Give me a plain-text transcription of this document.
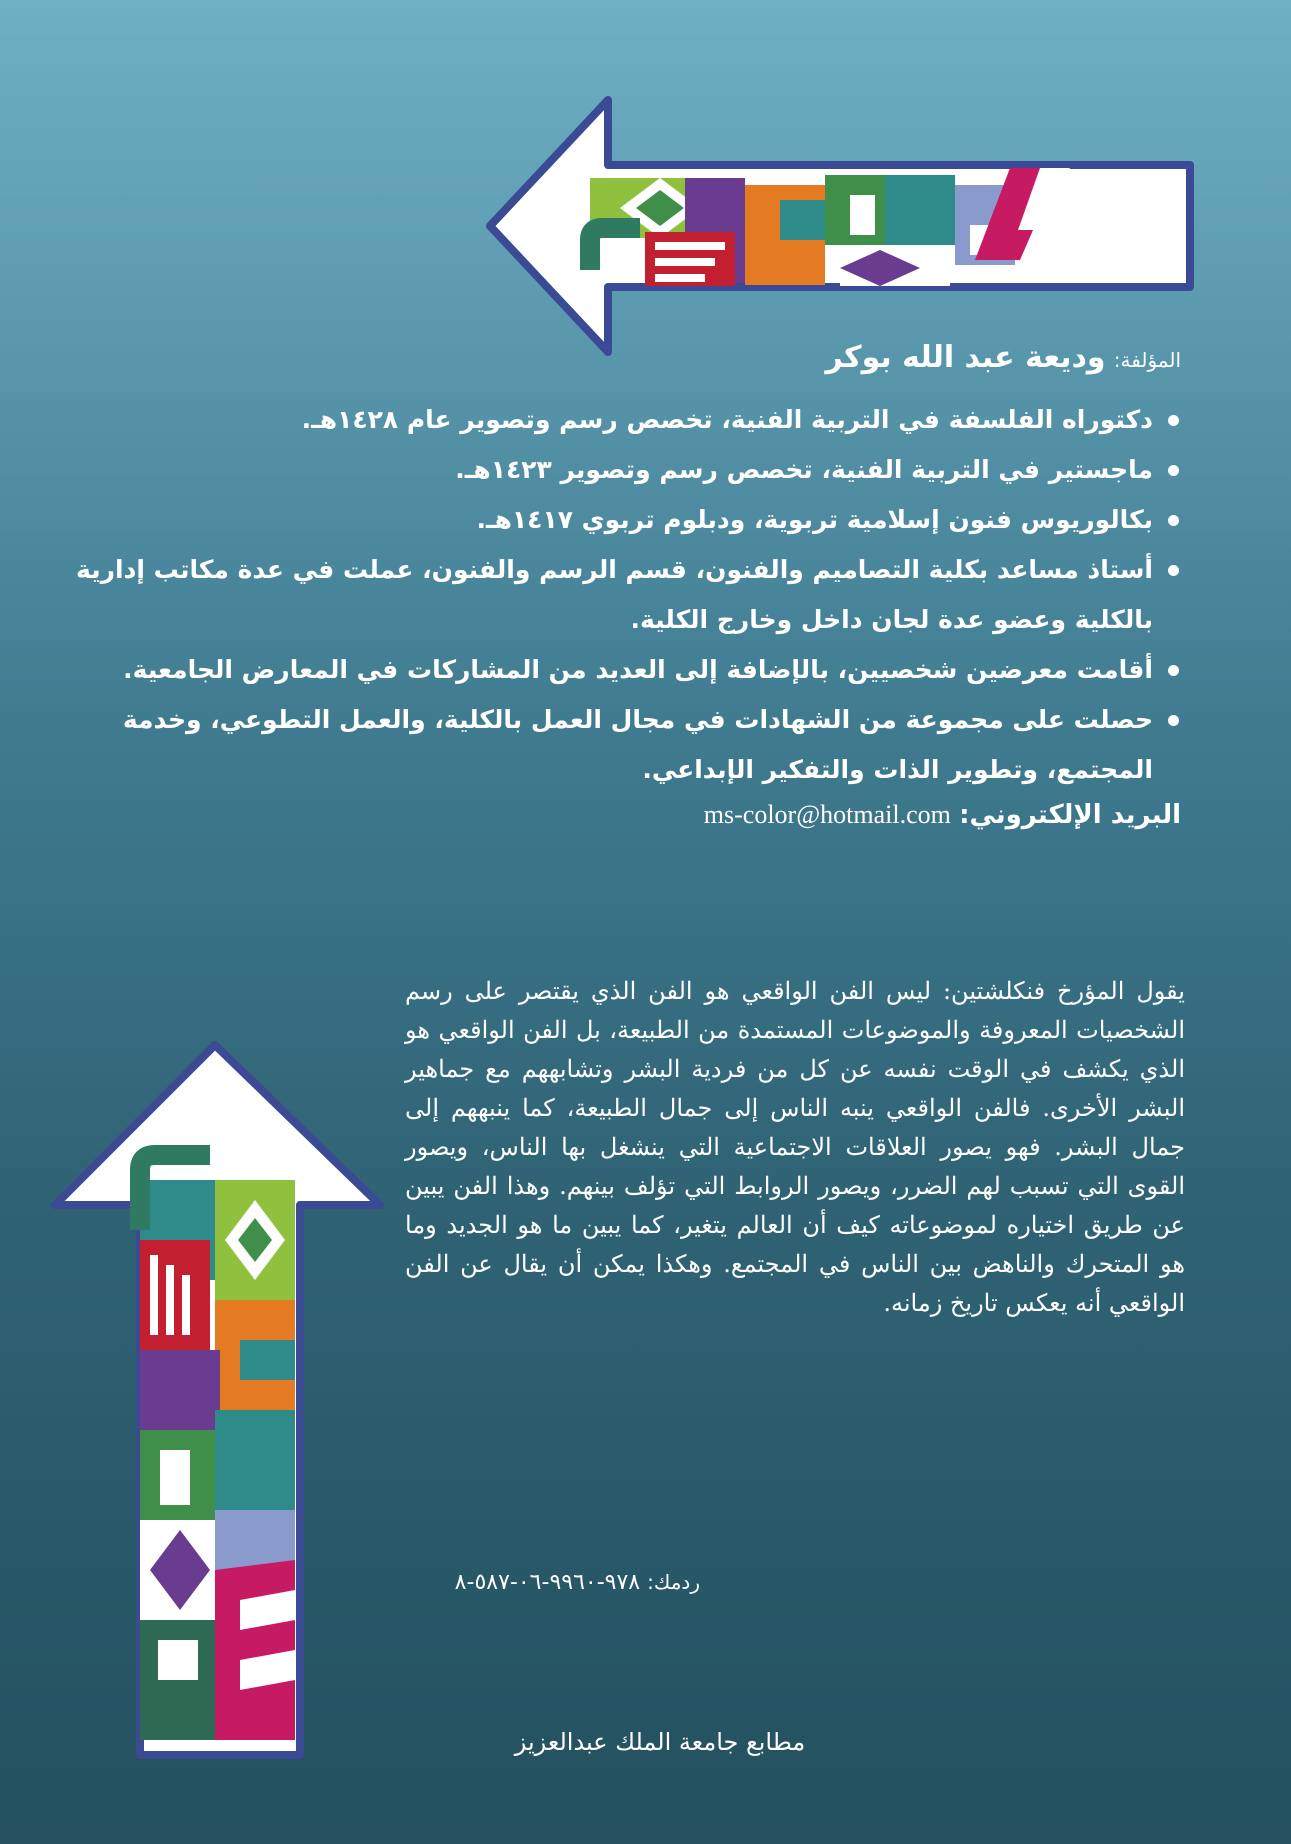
المؤلفة: وديعة عبد الله بوكر
دكتوراه الفلسفة في التربية الفنية، تخصص رسم وتصوير عام ١٤٢٨هـ.
ماجستير في التربية الفنية، تخصص رسم وتصوير ١٤٢٣هـ.
بكالوريوس فنون إسلامية تربوية، ودبلوم تربوي ١٤١٧هـ.
أستاذ مساعد بكلية التصاميم والفنون، قسم الرسم والفنون، عملت في عدة مكاتب إدارية بالكلية وعضو عدة لجان داخل وخارج الكلية.
أقامت معرضين شخصيين، بالإضافة إلى العديد من المشاركات في المعارض الجامعية.
حصلت على مجموعة من الشهادات في مجال العمل بالكلية، والعمل التطوعي، وخدمة المجتمع، وتطوير الذات والتفكير الإبداعي.
البريد الإلكتروني: ms-color@hotmail.com

يقول المؤرخ فنكلشتين: ليس الفن الواقعي هو الفن الذي يقتصر على رسم الشخصيات المعروفة والموضوعات المستمدة من الطبيعة، بل الفن الواقعي هو الذي يكشف في الوقت نفسه عن كل من فردية البشر وتشابههم مع جماهير البشر الأخرى. فالفن الواقعي ينبه الناس إلى جمال الطبيعة، كما ينبههم إلى جمال البشر. فهو يصور العلاقات الاجتماعية التي ينشغل بها الناس، ويصور القوى التي تسبب لهم الضرر، ويصور الروابط التي تؤلف بينهم. وهذا الفن يبين عن طريق اختياره لموضوعاته كيف أن العالم يتغير، كما يبين ما هو الجديد وما هو المتحرك والناهض بين الناس في المجتمع. وهكذا يمكن أن يقال عن الفن الواقعي أنه يعكس تاريخ زمانه.

ردمك: ٩٧٨-٩٩٦٠-٠٦-٥٨٧-٨
مطابع جامعة الملك عبدالعزيز
